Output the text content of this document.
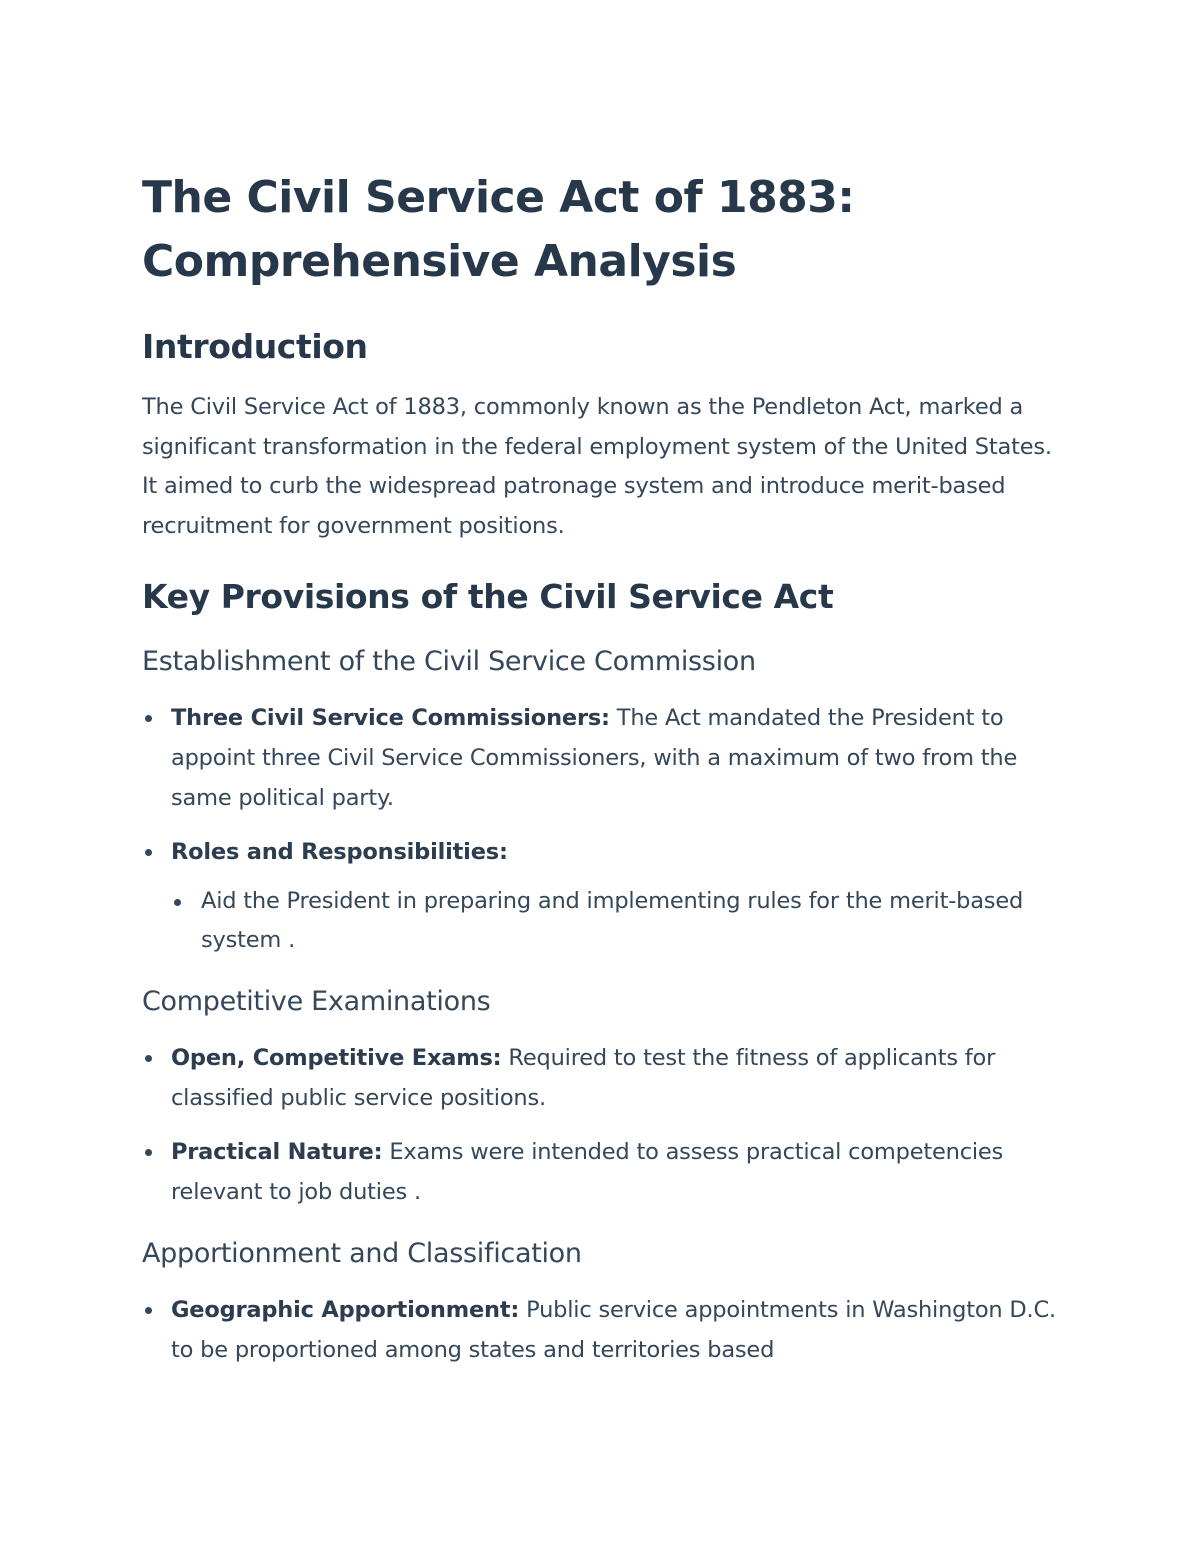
The Civil Service Act of 1883:
Comprehensive Analysis
Introduction

The Civil Service Act of 1883, commonly known as the Pendleton Act, marked a significant transformation in the federal employment system of the United States. It aimed to curb the widespread patronage system and introduce merit-based recruitment for government positions.

Key Provisions of the Civil Service Act
Establishment of the Civil Service Commission
Three Civil Service Commissioners: The Act mandated the President to appoint three Civil Service Commissioners, with a maximum of two from the same political party.
Roles and Responsibilities:
Aid the President in preparing and implementing rules for the merit-based system .
Competitive Examinations
Open, Competitive Exams: Required to test the fitness of applicants for classified public service positions.
Practical Nature: Exams were intended to assess practical competencies relevant to job duties .
Apportionment and Classification
Geographic Apportionment: Public service appointments in Washington D.C. to be proportioned among states and territories based
